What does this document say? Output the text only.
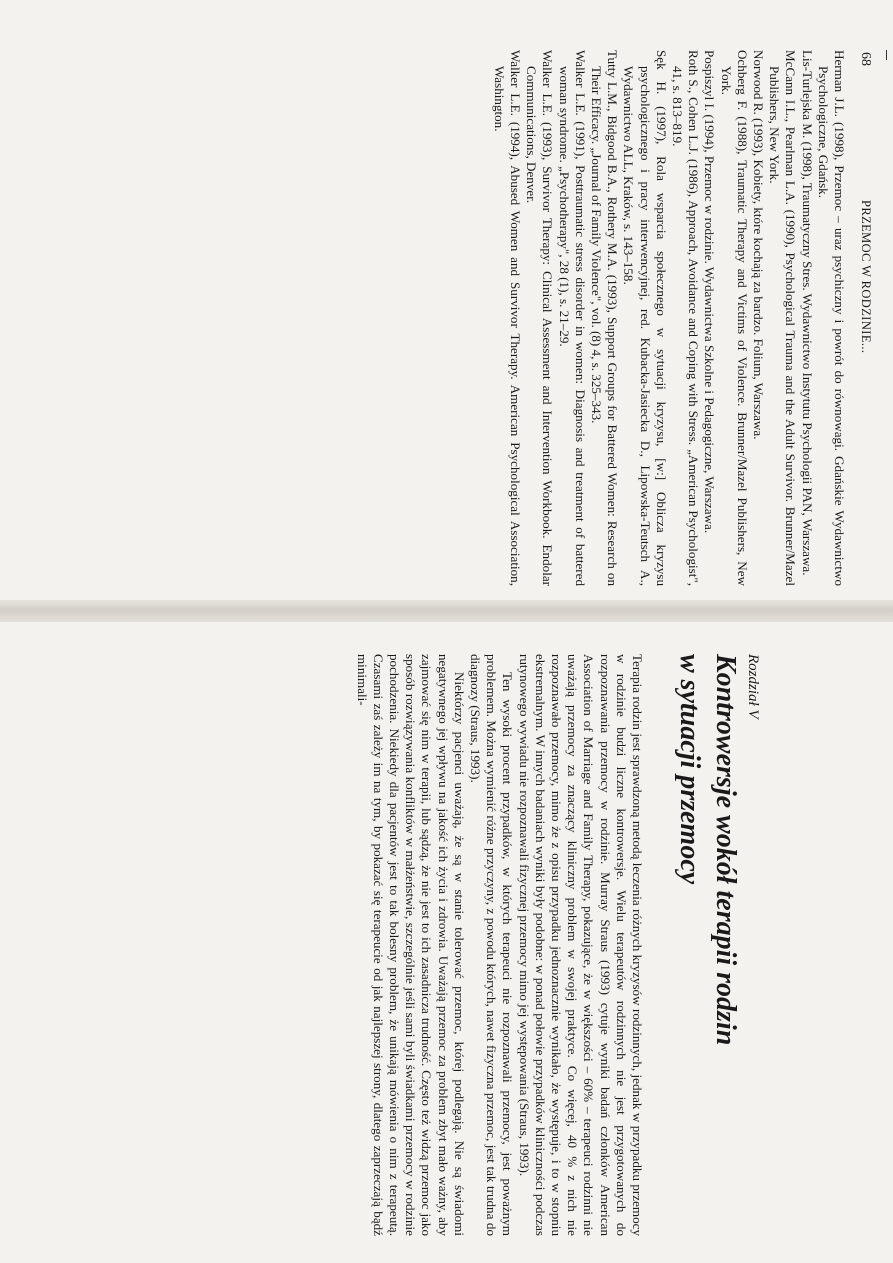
68
PRZEMOC W RODZINIE...

Herman J.L. (1998), Przemoc – uraz psychiczny i powrót do równowagi. Gdańskie Wydawnictwo Psychologiczne, Gdańsk.

Lis-Turlejska M. (1998), Traumatyczny Stres. Wydawnictwo Instytutu Psychologii PAN, Warszawa.

McCann I.L., Pearlman L.A. (1990), Psychological Trauma and the Adult Survivor. Brunner/Mazel Publishers, New York.

Norwood R. (1993), Kobiety, które kochają za bardzo. Folium, Warszawa.

Ochberg F. (1988), Traumatic Therapy and Victims of Violence. Brunner/Mazel Publishers, New York.

Pospiszyl I. (1994), Przemoc w rodzinie. Wydawnictwa Szkolne i Pedagogiczne, Warszawa.

Roth S., Cohen L.J. (1986), Approach, Avoidance and Coping with Stress. „American Psychologist", 41, s. 813–819.

Sęk H. (1997), Rola wsparcia społecznego w sytuacji kryzysu, [w:] Oblicza kryzysu psychologicznego i pracy interwencyjnej, red. Kubacka-Jasiecka D., Lipowska-Teutsch A., Wydawnictwo ALL, Kraków, s. 143–158.

Tutty L.M., Bidgood B.A., Rothery M.A. (1993), Support Groups for Battered Women: Research on Their Efficacy. „Journal of Family Violence", vol. (8) 4, s. 325–343.

Walker L.E. (1991), Posttraumatic stress disorder in women: Diagnosis and treatment of battered woman syndrome. „Psychotherapy", 28 (1), s. 21–29.

Walker L.E. (1993), Survivor Therapy: Clinical Assessment and Intervention Workbook. Endolar Communications, Denver.

Walker L.E. (1994), Abused Women and Survivor Therapy. American Psychological Association, Washington.

Rozdział V
Kontrowersje wokół terapii rodzin
w sytuacji przemocy

Terapia rodzin jest sprawdzoną metodą leczenia różnych kryzysów rodzinnych, jednak w przypadku przemocy w rodzinie budzi liczne kontrowersje. Wielu terapeutów rodzinnych nie jest przygotowanych do rozpoznawania przemocy w rodzinie. Murray Straus (1993) cytuje wyniki badań członków American Association of Marriage and Family Therapy, pokazujące, że w większości – 60% – terapeuci rodzinni nie uważają przemocy za znaczący kliniczny problem w swojej praktyce. Co więcej, 40 % z nich nie rozpoznawało przemocy, mimo że z opisu przypadku jednoznacznie wynikało, że występuje, i to w stopniu ekstremalnym. W innych badaniach wyniki były podobne: w ponad połowie przypadków kliniczności podczas rutynowego wywiadu nie rozpoznawali fizycznej przemocy mimo jej występowania (Straus, 1993).

Ten wysoki procent przypadków, w których terapeuci nie rozpoznawali przemocy, jest poważnym problemem. Można wymienić różne przyczyny, z powodu których, nawet fizyczna przemoc, jest tak trudna do diagnozy (Straus, 1993).

Niektórzy pacjenci uważają, że są w stanie tolerować przemoc, której podlegają. Nie są świadomi negatywnego jej wpływu na jakość ich życia i zdrowia. Uważają przemoc za problem zbyt mało ważny, aby zajmować się nim w terapii, lub sądzą, że nie jest to ich zasadnicza trudność. Często też widzą przemoc jako sposób rozwiązywania konfliktów w małżeństwie, szczególnie jeśli sami byli świadkami przemocy w rodzinie pochodzenia. Niekiedy dla pacjentów jest to tak bolesny problem, że unikają mówienia o nim z terapeutą. Czasami zaś zależy im na tym, by pokazać się terapeucie od jak najlepszej strony, dlatego zaprzeczają bądź minimali-
